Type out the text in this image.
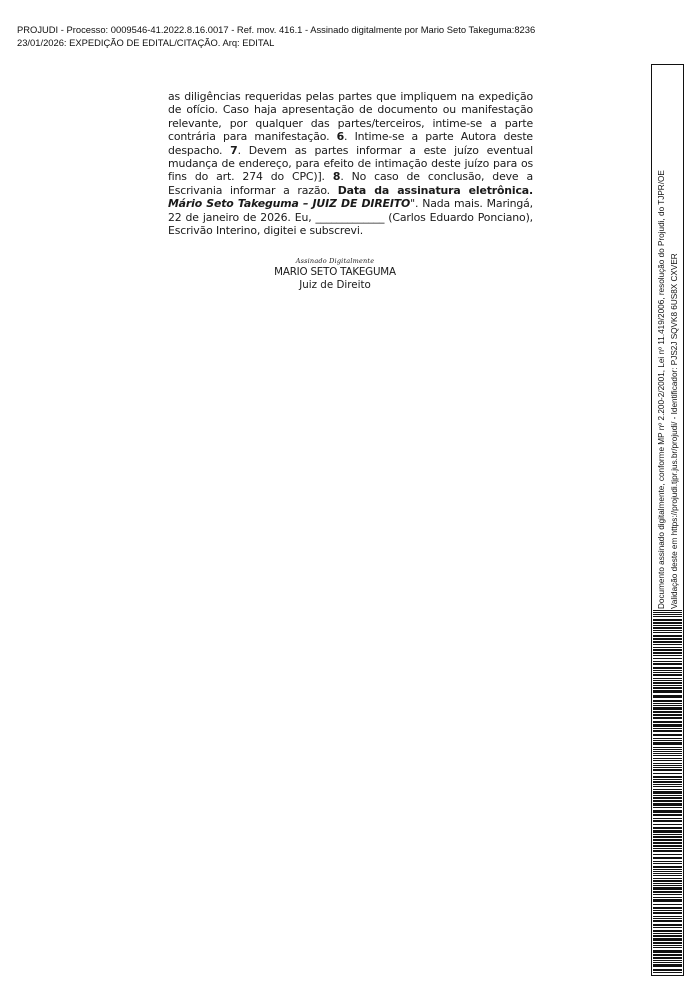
PROJUDI - Processo: 0009546-41.2022.8.16.0017 - Ref. mov. 416.1 - Assinado digitalmente por Mario Seto Takeguma:8236
23/01/2026: EXPEDIÇÃO DE EDITAL/CITAÇÃO. Arq: EDITAL
as diligências requeridas pelas partes que impliquem na expedição de ofício. Caso haja apresentação de documento ou manifestação relevante, por qualquer das partes/terceiros, intime-se a parte contrária para manifestação. 6. Intime-se a parte Autora deste despacho. 7. Devem as partes informar a este juízo eventual mudança de endereço, para efeito de intimação deste juízo para os fins do art. 274 do CPC)]. 8. No caso de conclusão, deve a Escrivania informar a razão. Data da assinatura eletrônica. Mário Seto Takeguma – JUIZ DE DIREITO". Nada mais. Maringá, 22 de janeiro de 2026. Eu, _____________ (Carlos Eduardo Ponciano), Escrivão Interino, digitei e subscrevi.
Assinado Digitalmente
MARIO SETO TAKEGUMA
Juiz de Direito	Documento assinado digitalmente, conforme MP nº 2.200-2/2001, Lei nº 11.419/2006, resolução do Projudi, do TJPR/OE Validação deste em https://projudi.tjpr.jus.br/projudi/ - Identificador: PJS2J SQVK8 6US8X CXVER
